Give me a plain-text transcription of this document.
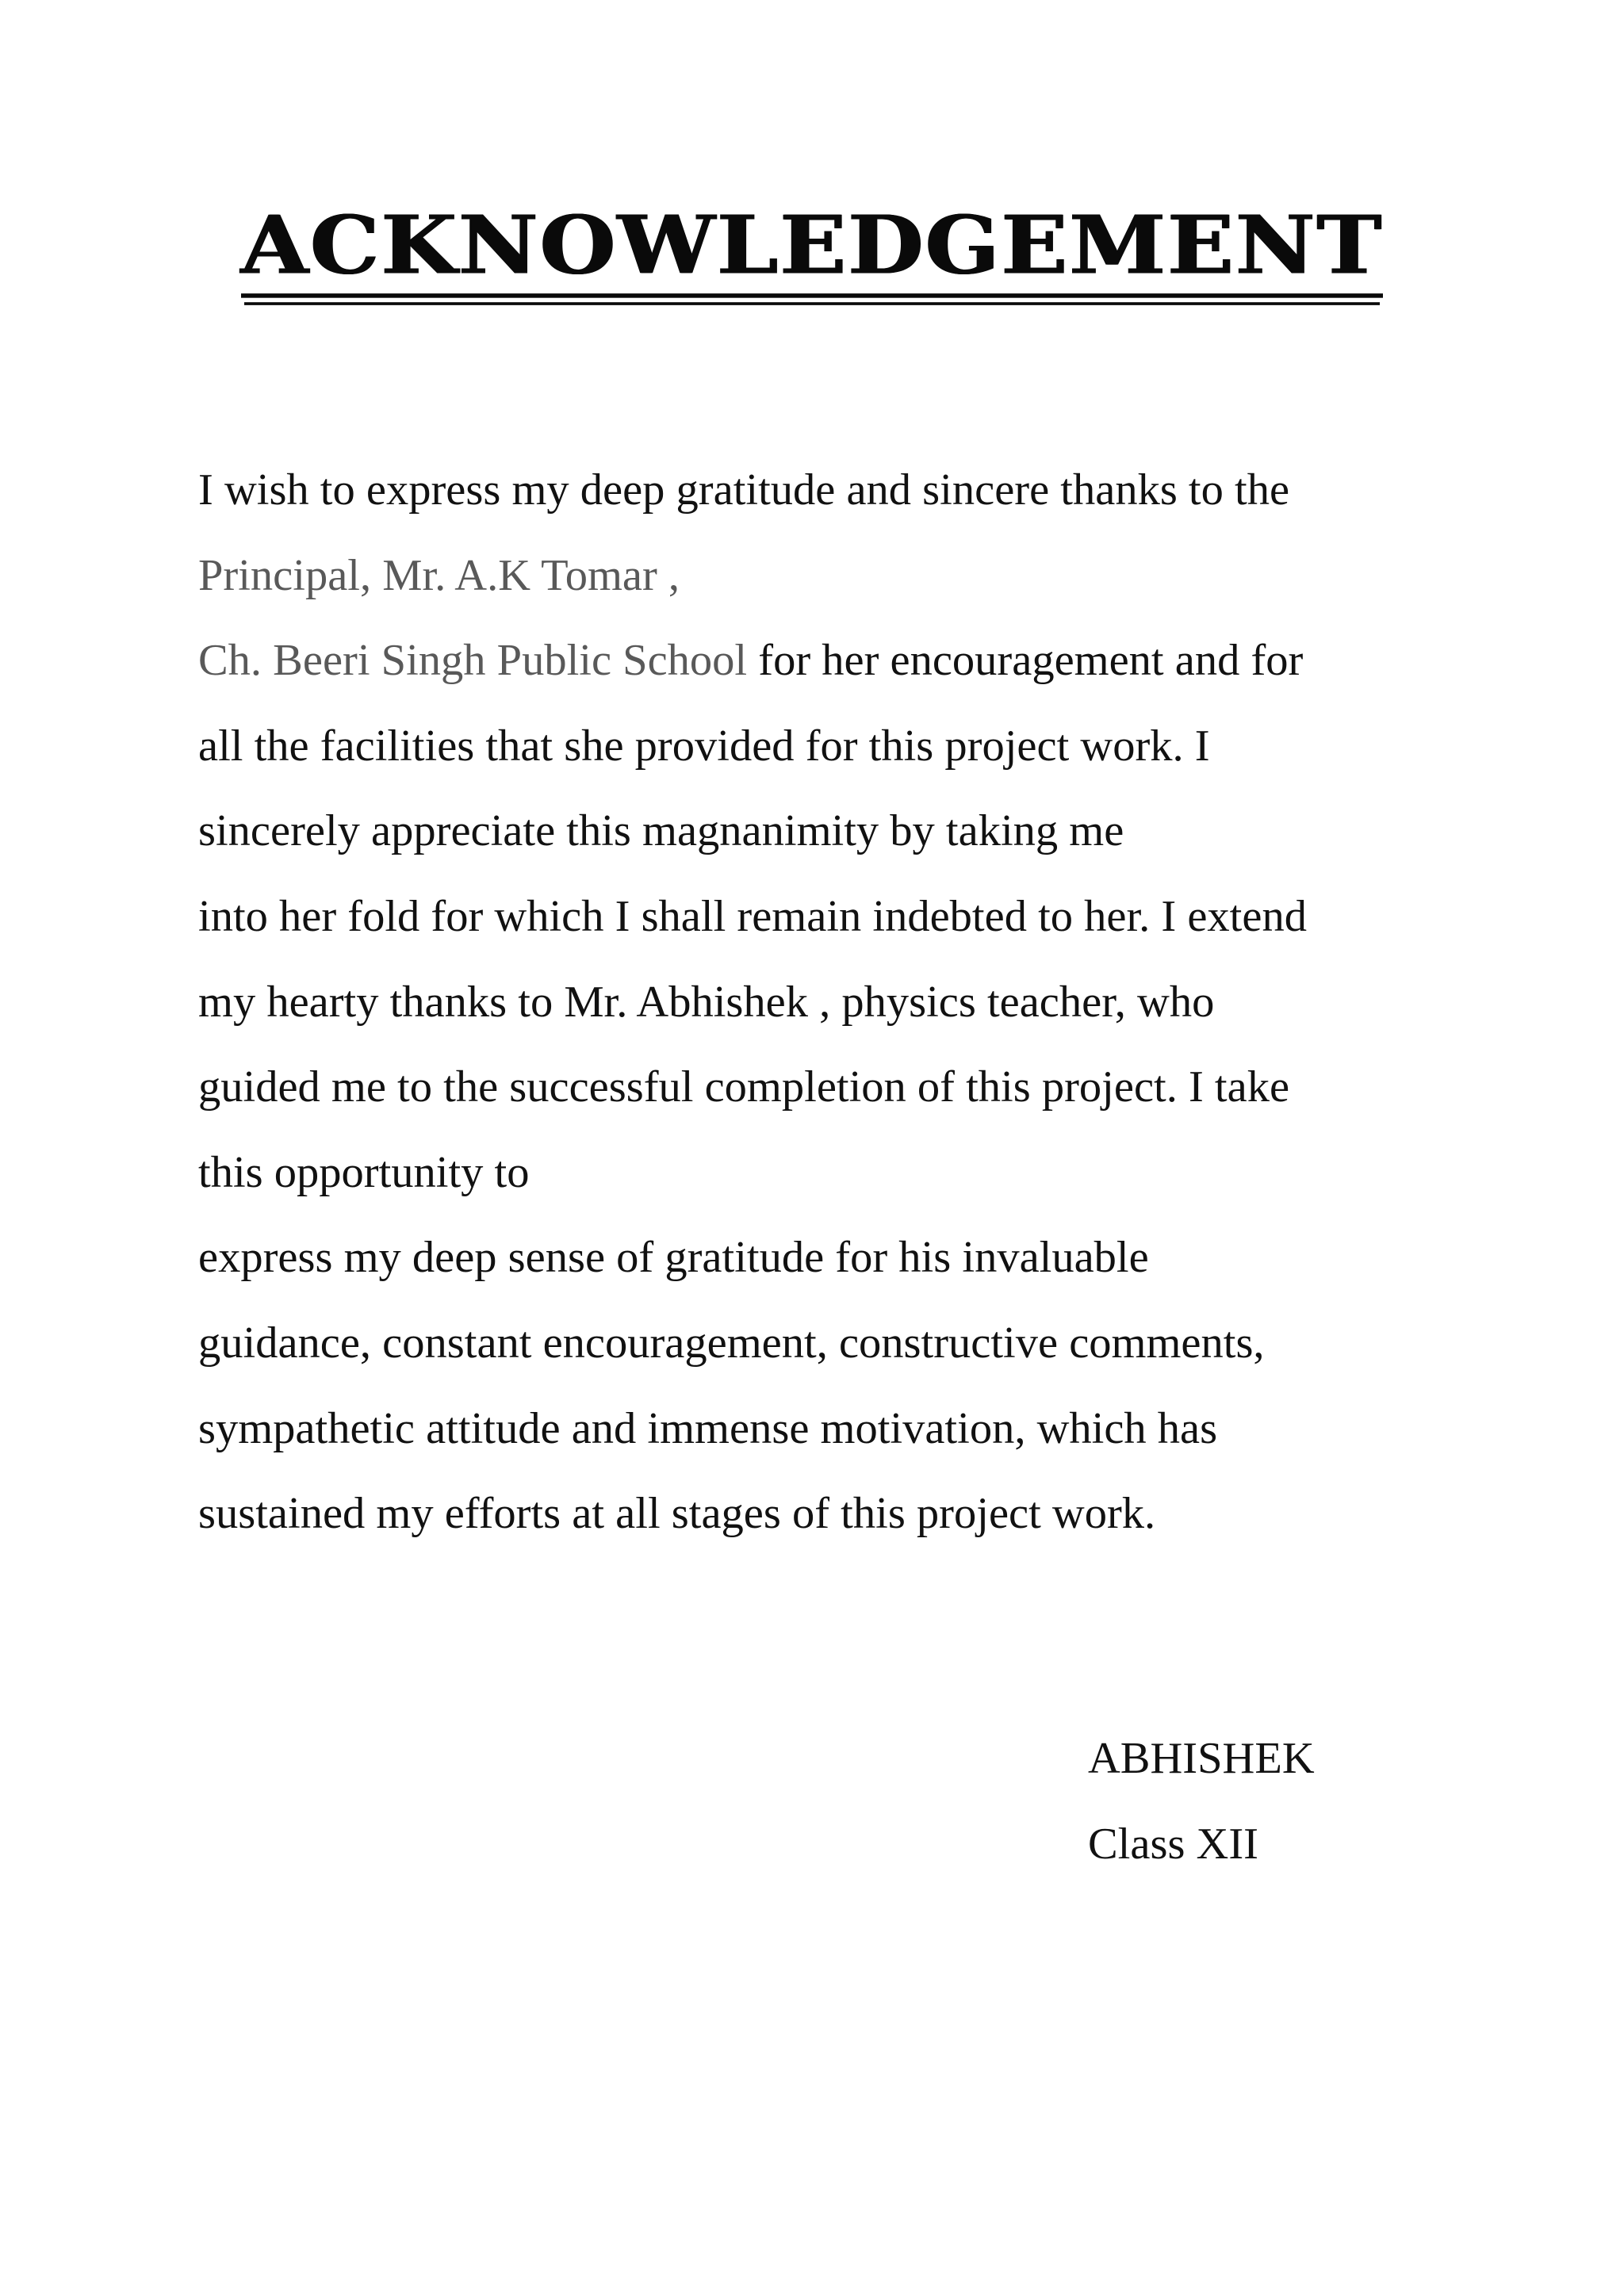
ACKNOWLEDGEMENT
I wish to express my deep gratitude and sincere thanks to the
Principal, Mr. A.K Tomar ,
Ch. Beeri Singh Public School for her encouragement and for
all the facilities that she provided for this project work. I
sincerely appreciate this magnanimity by taking me
into her fold for which I shall remain indebted to her. I extend
my hearty thanks to Mr. Abhishek , physics teacher, who
guided me to the successful completion of this project. I take
this opportunity to
express my deep sense of gratitude for his invaluable
guidance, constant encouragement, constructive comments,
sympathetic attitude and immense motivation, which has
sustained my efforts at all stages of this project work.
ABHISHEK
Class XII
